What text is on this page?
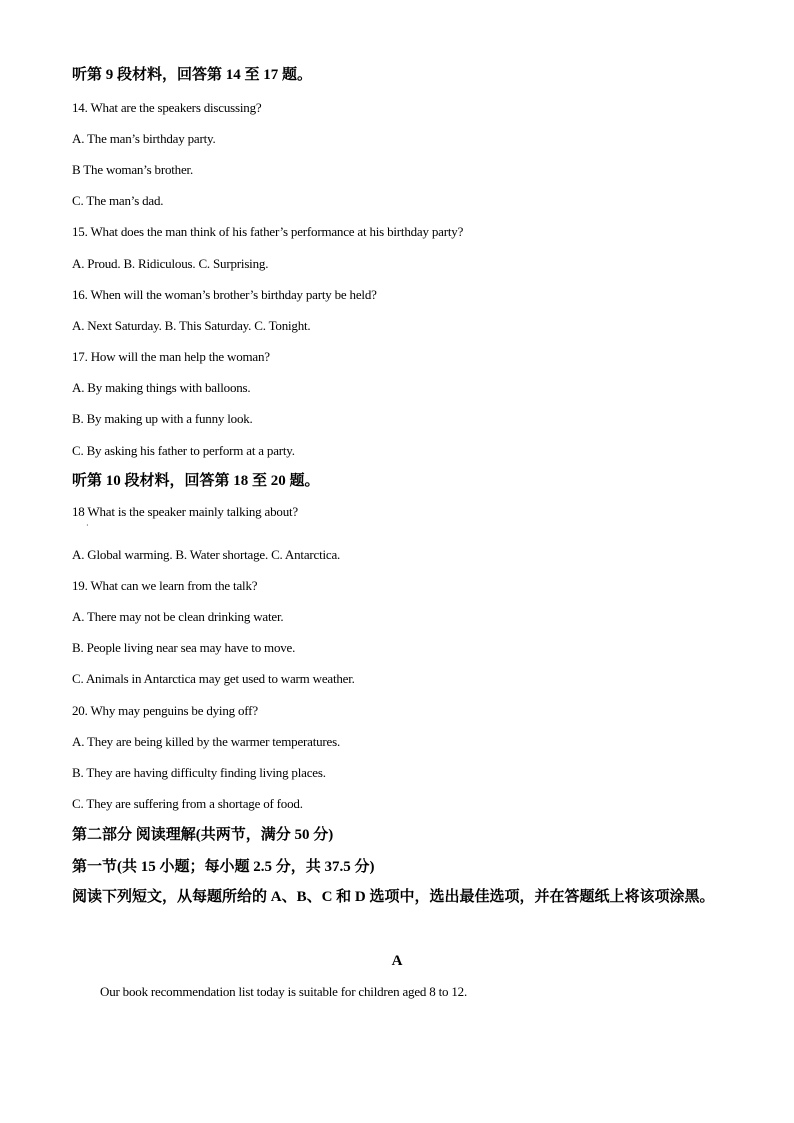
听第 9 段材料，回答第 14 至 17 题。
14. What are the speakers discussing?
A. The man’s birthday party.
B The woman’s brother.
C. The man’s dad.
15. What does the man think of his father’s performance at his birthday party?
A. Proud. B. Ridiculous. C. Surprising.
16. When will the woman’s brother’s birthday party be held?
A. Next Saturday. B. This Saturday. C. Tonight.
17. How will the man help the woman?
A. By making things with balloons.
B. By making up with a funny look.
C. By asking his father to perform at a party.
听第 10 段材料，回答第 18 至 20 题。
18 What is the speaker mainly talking about?
·
A. Global warming. B. Water shortage. C. Antarctica.
19. What can we learn from the talk?
A. There may not be clean drinking water.
B. People living near sea may have to move.
C. Animals in Antarctica may get used to warm weather.
20. Why may penguins be dying off?
A. They are being killed by the warmer temperatures.
B. They are having difficulty finding living places.
C. They are suffering from a shortage of food.
第二部分 阅读理解(共两节，满分 50 分)
第一节(共 15 小题；每小题 2.5 分，共 37.5 分)
阅读下列短文，从每题所给的 A、B、C 和 D 选项中，选出最佳选项，并在答题纸上将该项涂黑。
A
Our book recommendation list today is suitable for children aged 8 to 12.
